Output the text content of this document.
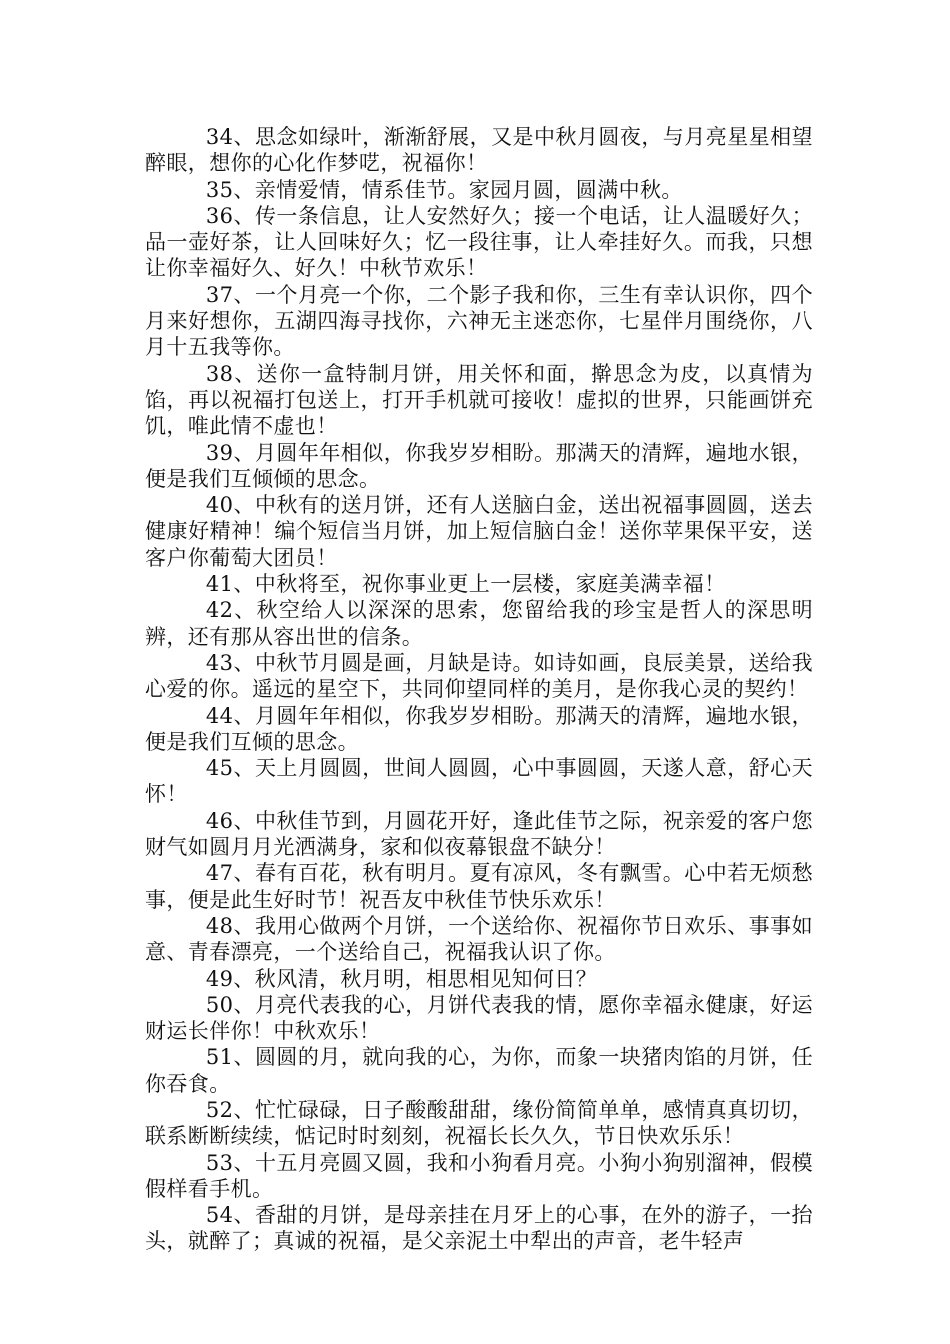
34、思念如绿叶，渐渐舒展，又是中秋月圆夜，与月亮星星相望醉眼，想你的心化作梦呓，祝福你！

35、亲情爱情，情系佳节。家园月圆，圆满中秋。

36、传一条信息，让人安然好久；接一个电话，让人温暖好久；品一壶好茶，让人回味好久；忆一段往事，让人牵挂好久。而我，只想让你幸福好久、好久！中秋节欢乐！

37、一个月亮一个你，二个影子我和你，三生有幸认识你，四个月来好想你，五湖四海寻找你，六神无主迷恋你，七星伴月围绕你，八月十五我等你。

38、送你一盒特制月饼，用关怀和面，擀思念为皮，以真情为馅，再以祝福打包送上，打开手机就可接收！虚拟的世界，只能画饼充饥，唯此情不虚也！

39、月圆年年相似，你我岁岁相盼。那满天的清辉，遍地水银，便是我们互倾倾的思念。

40、中秋有的送月饼，还有人送脑白金，送出祝福事圆圆，送去健康好精神！编个短信当月饼，加上短信脑白金！送你苹果保平安，送客户你葡萄大团员！

41、中秋将至，祝你事业更上一层楼，家庭美满幸福！

42、秋空给人以深深的思索，您留给我的珍宝是哲人的深思明辨，还有那从容出世的信条。

43、中秋节月圆是画，月缺是诗。如诗如画，良辰美景，送给我心爱的你。遥远的星空下，共同仰望同样的美月，是你我心灵的契约！

44、月圆年年相似，你我岁岁相盼。那满天的清辉，遍地水银，便是我们互倾的思念。

45、天上月圆圆，世间人圆圆，心中事圆圆，天遂人意，舒心天怀！

46、中秋佳节到，月圆花开好，逢此佳节之际，祝亲爱的客户您财气如圆月月光洒满身，家和似夜幕银盘不缺分！

47、春有百花，秋有明月。夏有凉风，冬有飘雪。心中若无烦愁事，便是此生好时节！祝吾友中秋佳节快乐欢乐！

48、我用心做两个月饼，一个送给你、祝福你节日欢乐、事事如意、青春漂亮，一个送给自己，祝福我认识了你。

49、秋风清，秋月明，相思相见知何日？

50、月亮代表我的心，月饼代表我的情，愿你幸福永健康，好运财运长伴你！中秋欢乐！

51、圆圆的月，就向我的心，为你，而象一块猪肉馅的月饼，任你吞食。

52、忙忙碌碌，日子酸酸甜甜，缘份简简单单，感情真真切切，联系断断续续，惦记时时刻刻，祝福长长久久，节日快欢乐乐！

53、十五月亮圆又圆，我和小狗看月亮。小狗小狗别溜神，假模假样看手机。

54、香甜的月饼，是母亲挂在月牙上的心事，在外的游子，一抬头，就醉了；真诚的祝福，是父亲泥土中犁出的声音，老牛轻声
